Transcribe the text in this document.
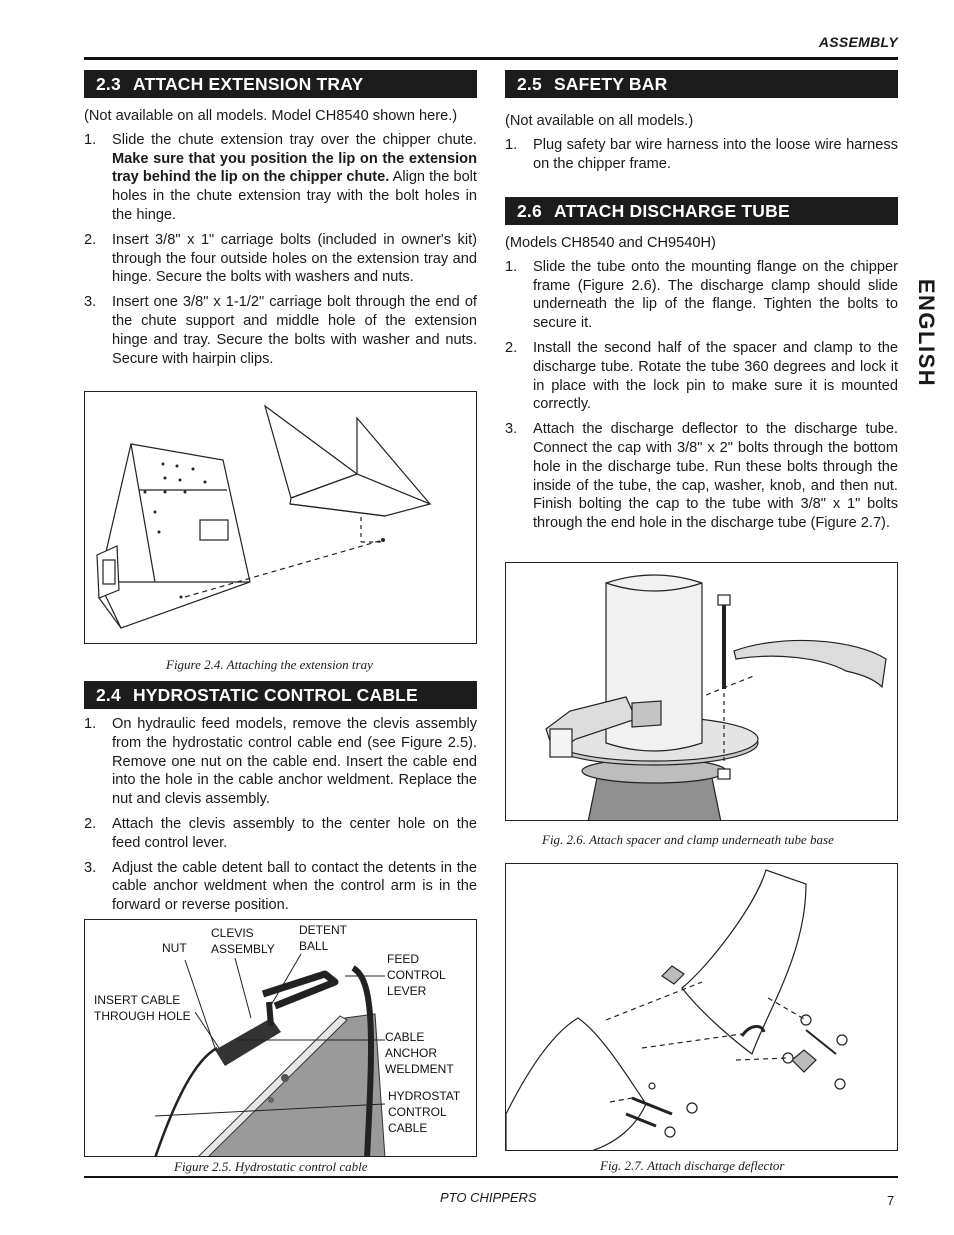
ASSEMBLY
PTO CHIPPERS	7
ENGLISH
2.3 ATTACH EXTENSION TRAY

(Not available on all models. Model CH8540 shown here.)

1. Slide the chute extension tray over the chipper chute. Make sure that you position the lip on the extension tray behind the lip on the chipper chute. Align the bolt holes in the chute extension tray with the bolt holes in the hinge.
2. Insert 3/8" x 1" carriage bolts (included in owner's kit) through the four outside holes on the extension tray and hinge. Secure the bolts with washers and nuts.
3. Insert one 3/8" x 1-1/2" carriage bolt through the end of the chute support and middle hole of the extension hinge and tray. Secure the bolts with washer and nuts. Secure with hairpin clips.
Figure 2.4. Attaching the extension tray
2.4 HYDROSTATIC CONTROL CABLE
1. On hydraulic feed models, remove the clevis assembly from the hydrostatic control cable end (see Figure 2.5). Remove one nut on the cable end. Insert the cable end into the hole in the cable anchor weldment. Replace the nut and clevis assembly.
2. Attach the clevis assembly to the center hole on the feed control lever.
3. Adjust the cable detent ball to contact the detents in the cable anchor weldment when the control arm is in the forward or reverse position.
NUT
CLEVIS
ASSEMBLY
DETENT
BALL
FEED
CONTROL
LEVER
INSERT CABLE
THROUGH HOLE
CABLE ANCHOR
WELDMENT
HYDROSTAT
CONTROL
CABLE
Figure 2.5. Hydrostatic control cable
2.5 SAFETY BAR

(Not available on all models.)

1. Plug safety bar wire harness into the loose wire harness on the chipper frame.
2.6 ATTACH DISCHARGE TUBE

(Models CH8540 and CH9540H)

1. Slide the tube onto the mounting flange on the chipper frame (Figure 2.6). The discharge clamp should slide underneath the lip of the flange. Tighten the bolts to secure it.
2. Install the second half of the spacer and clamp to the discharge tube. Rotate the tube 360 degrees and lock it in place with the lock pin to make sure it is mounted correctly.
3. Attach the discharge deflector to the discharge tube. Connect the cap with 3/8" x 2" bolts through the bottom hole in the discharge tube. Run these bolts through the inside of the tube, the cap, washer, knob, and then nut. Finish bolting the cap to the tube with 3/8" x 1" bolts through the end hole in the discharge tube (Figure 2.7).
Fig. 2.6. Attach spacer and clamp underneath tube base
Fig. 2.7. Attach discharge deflector
